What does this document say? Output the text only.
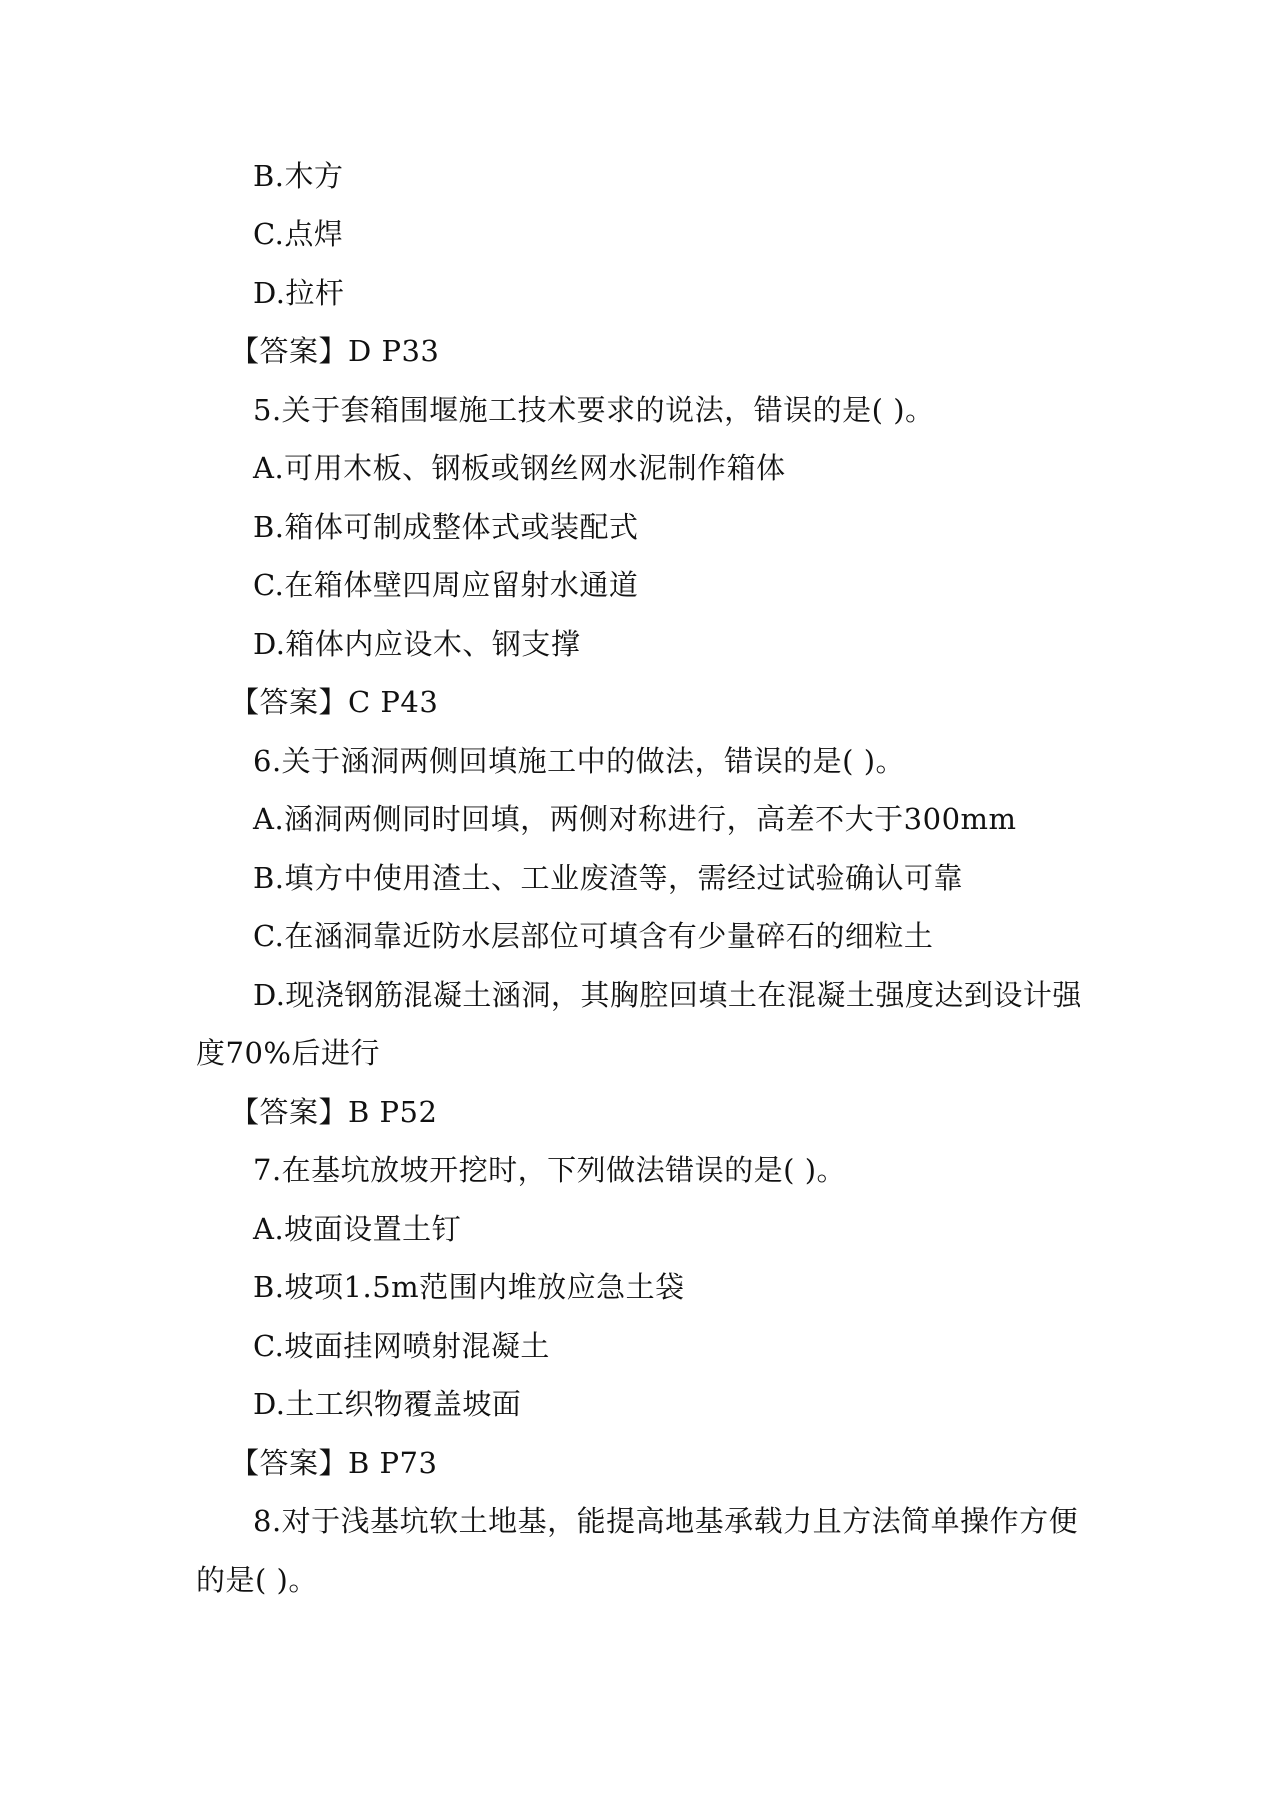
B.木方
C.点焊
D.拉杆
【答案】D P33
5.关于套箱围堰施工技术要求的说法，错误的是( )。
A.可用木板、钢板或钢丝网水泥制作箱体
B.箱体可制成整体式或装配式
C.在箱体壁四周应留射水通道
D.箱体内应设木、钢支撑
【答案】C P43
6.关于涵洞两侧回填施工中的做法，错误的是( )。
A.涵洞两侧同时回填，两侧对称进行，高差不大于300mm
B.填方中使用渣土、工业废渣等，需经过试验确认可靠
C.在涵洞靠近防水层部位可填含有少量碎石的细粒土
D.现浇钢筋混凝土涵洞，其胸腔回填土在混凝土强度达到设计强
度70%后进行
【答案】B P52
7.在基坑放坡开挖时，下列做法错误的是( )。
A.坡面设置土钉
B.坡项1.5m范围内堆放应急土袋
C.坡面挂网喷射混凝土
D.土工织物覆盖坡面
【答案】B P73
8.对于浅基坑软土地基，能提高地基承载力且方法简单操作方便
的是( )。
